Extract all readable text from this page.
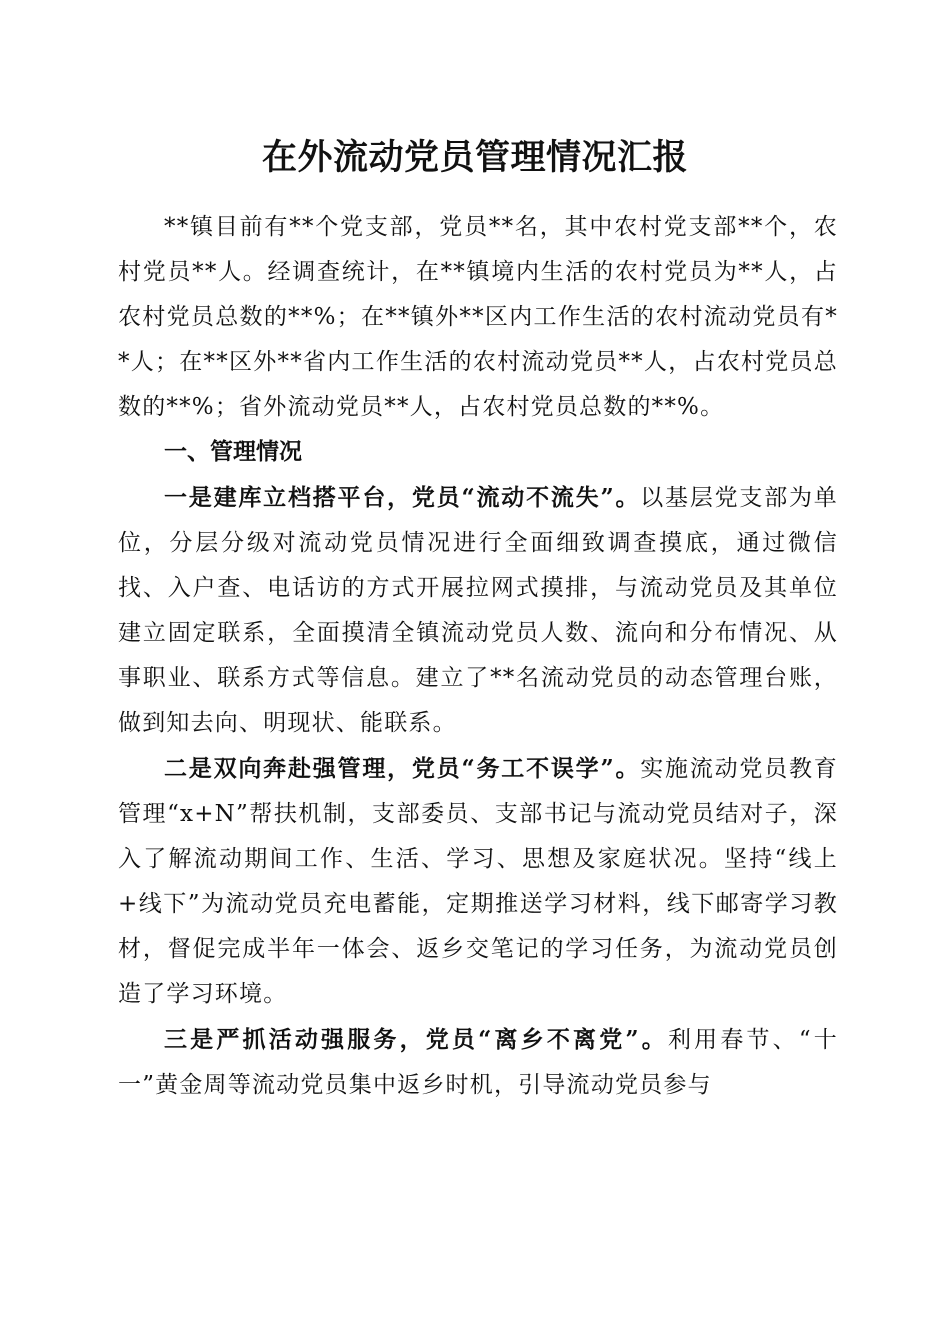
在外流动党员管理情况汇报

**镇目前有**个党支部，党员**名，其中农村党支部**个，农村党员**人。经调查统计，在**镇境内生活的农村党员为**人，占农村党员总数的**%；在**镇外**区内工作生活的农村流动党员有**人；在**区外**省内工作生活的农村流动党员**人，占农村党员总数的**%；省外流动党员**人，占农村党员总数的**%。

一、管理情况

一是建库立档搭平台，党员“流动不流失”。以基层党支部为单位，分层分级对流动党员情况进行全面细致调查摸底，通过微信找、入户查、电话访的方式开展拉网式摸排，与流动党员及其单位建立固定联系，全面摸清全镇流动党员人数、流向和分布情况、从事职业、联系方式等信息。建立了**名流动党员的动态管理台账，做到知去向、明现状、能联系。

二是双向奔赴强管理，党员“务工不误学”。实施流动党员教育管理“x+N”帮扶机制，支部委员、支部书记与流动党员结对子，深入了解流动期间工作、生活、学习、思想及家庭状况。坚持“线上+线下”为流动党员充电蓄能，定期推送学习材料，线下邮寄学习教材，督促完成半年一体会、返乡交笔记的学习任务，为流动党员创造了学习环境。

三是严抓活动强服务，党员“离乡不离党”。利用春节、“十一”黄金周等流动党员集中返乡时机，引导流动党员参与
